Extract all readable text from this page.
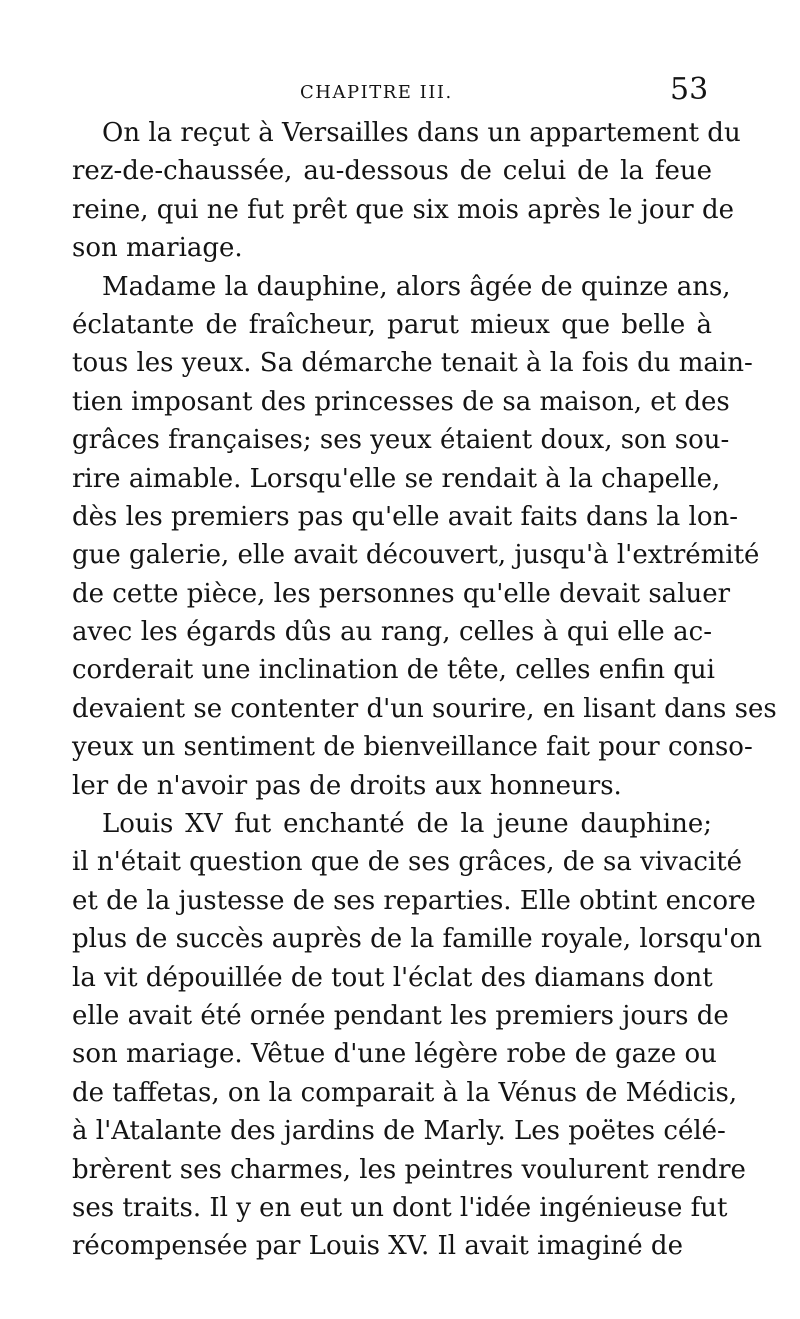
CHAPITRE III.	53
On la reçut à Versailles dans un appartement du
rez-de-chaussée, au-dessous de celui de la feue
reine, qui ne fut prêt que six mois après le jour de
son mariage.
Madame la dauphine, alors âgée de quinze ans,
éclatante de fraîcheur, parut mieux que belle à
tous les yeux. Sa démarche tenait à la fois du main-
tien imposant des princesses de sa maison, et des
grâces françaises; ses yeux étaient doux, son sou-
rire aimable. Lorsqu'elle se rendait à la chapelle,
dès les premiers pas qu'elle avait faits dans la lon-
gue galerie, elle avait découvert, jusqu'à l'extrémité
de cette pièce, les personnes qu'elle devait saluer
avec les égards dûs au rang, celles à qui elle ac-
corderait une inclination de tête, celles enfin qui
devaient se contenter d'un sourire, en lisant dans ses
yeux un sentiment de bienveillance fait pour conso-
ler de n'avoir pas de droits aux honneurs.
Louis XV fut enchanté de la jeune dauphine;
il n'était question que de ses grâces, de sa vivacité
et de la justesse de ses reparties. Elle obtint encore
plus de succès auprès de la famille royale, lorsqu'on
la vit dépouillée de tout l'éclat des diamans dont
elle avait été ornée pendant les premiers jours de
son mariage. Vêtue d'une légère robe de gaze ou
de taffetas, on la comparait à la Vénus de Médicis,
à l'Atalante des jardins de Marly. Les poëtes célé-
brèrent ses charmes, les peintres voulurent rendre
ses traits. Il y en eut un dont l'idée ingénieuse fut
récompensée par Louis XV. Il avait imaginé de
